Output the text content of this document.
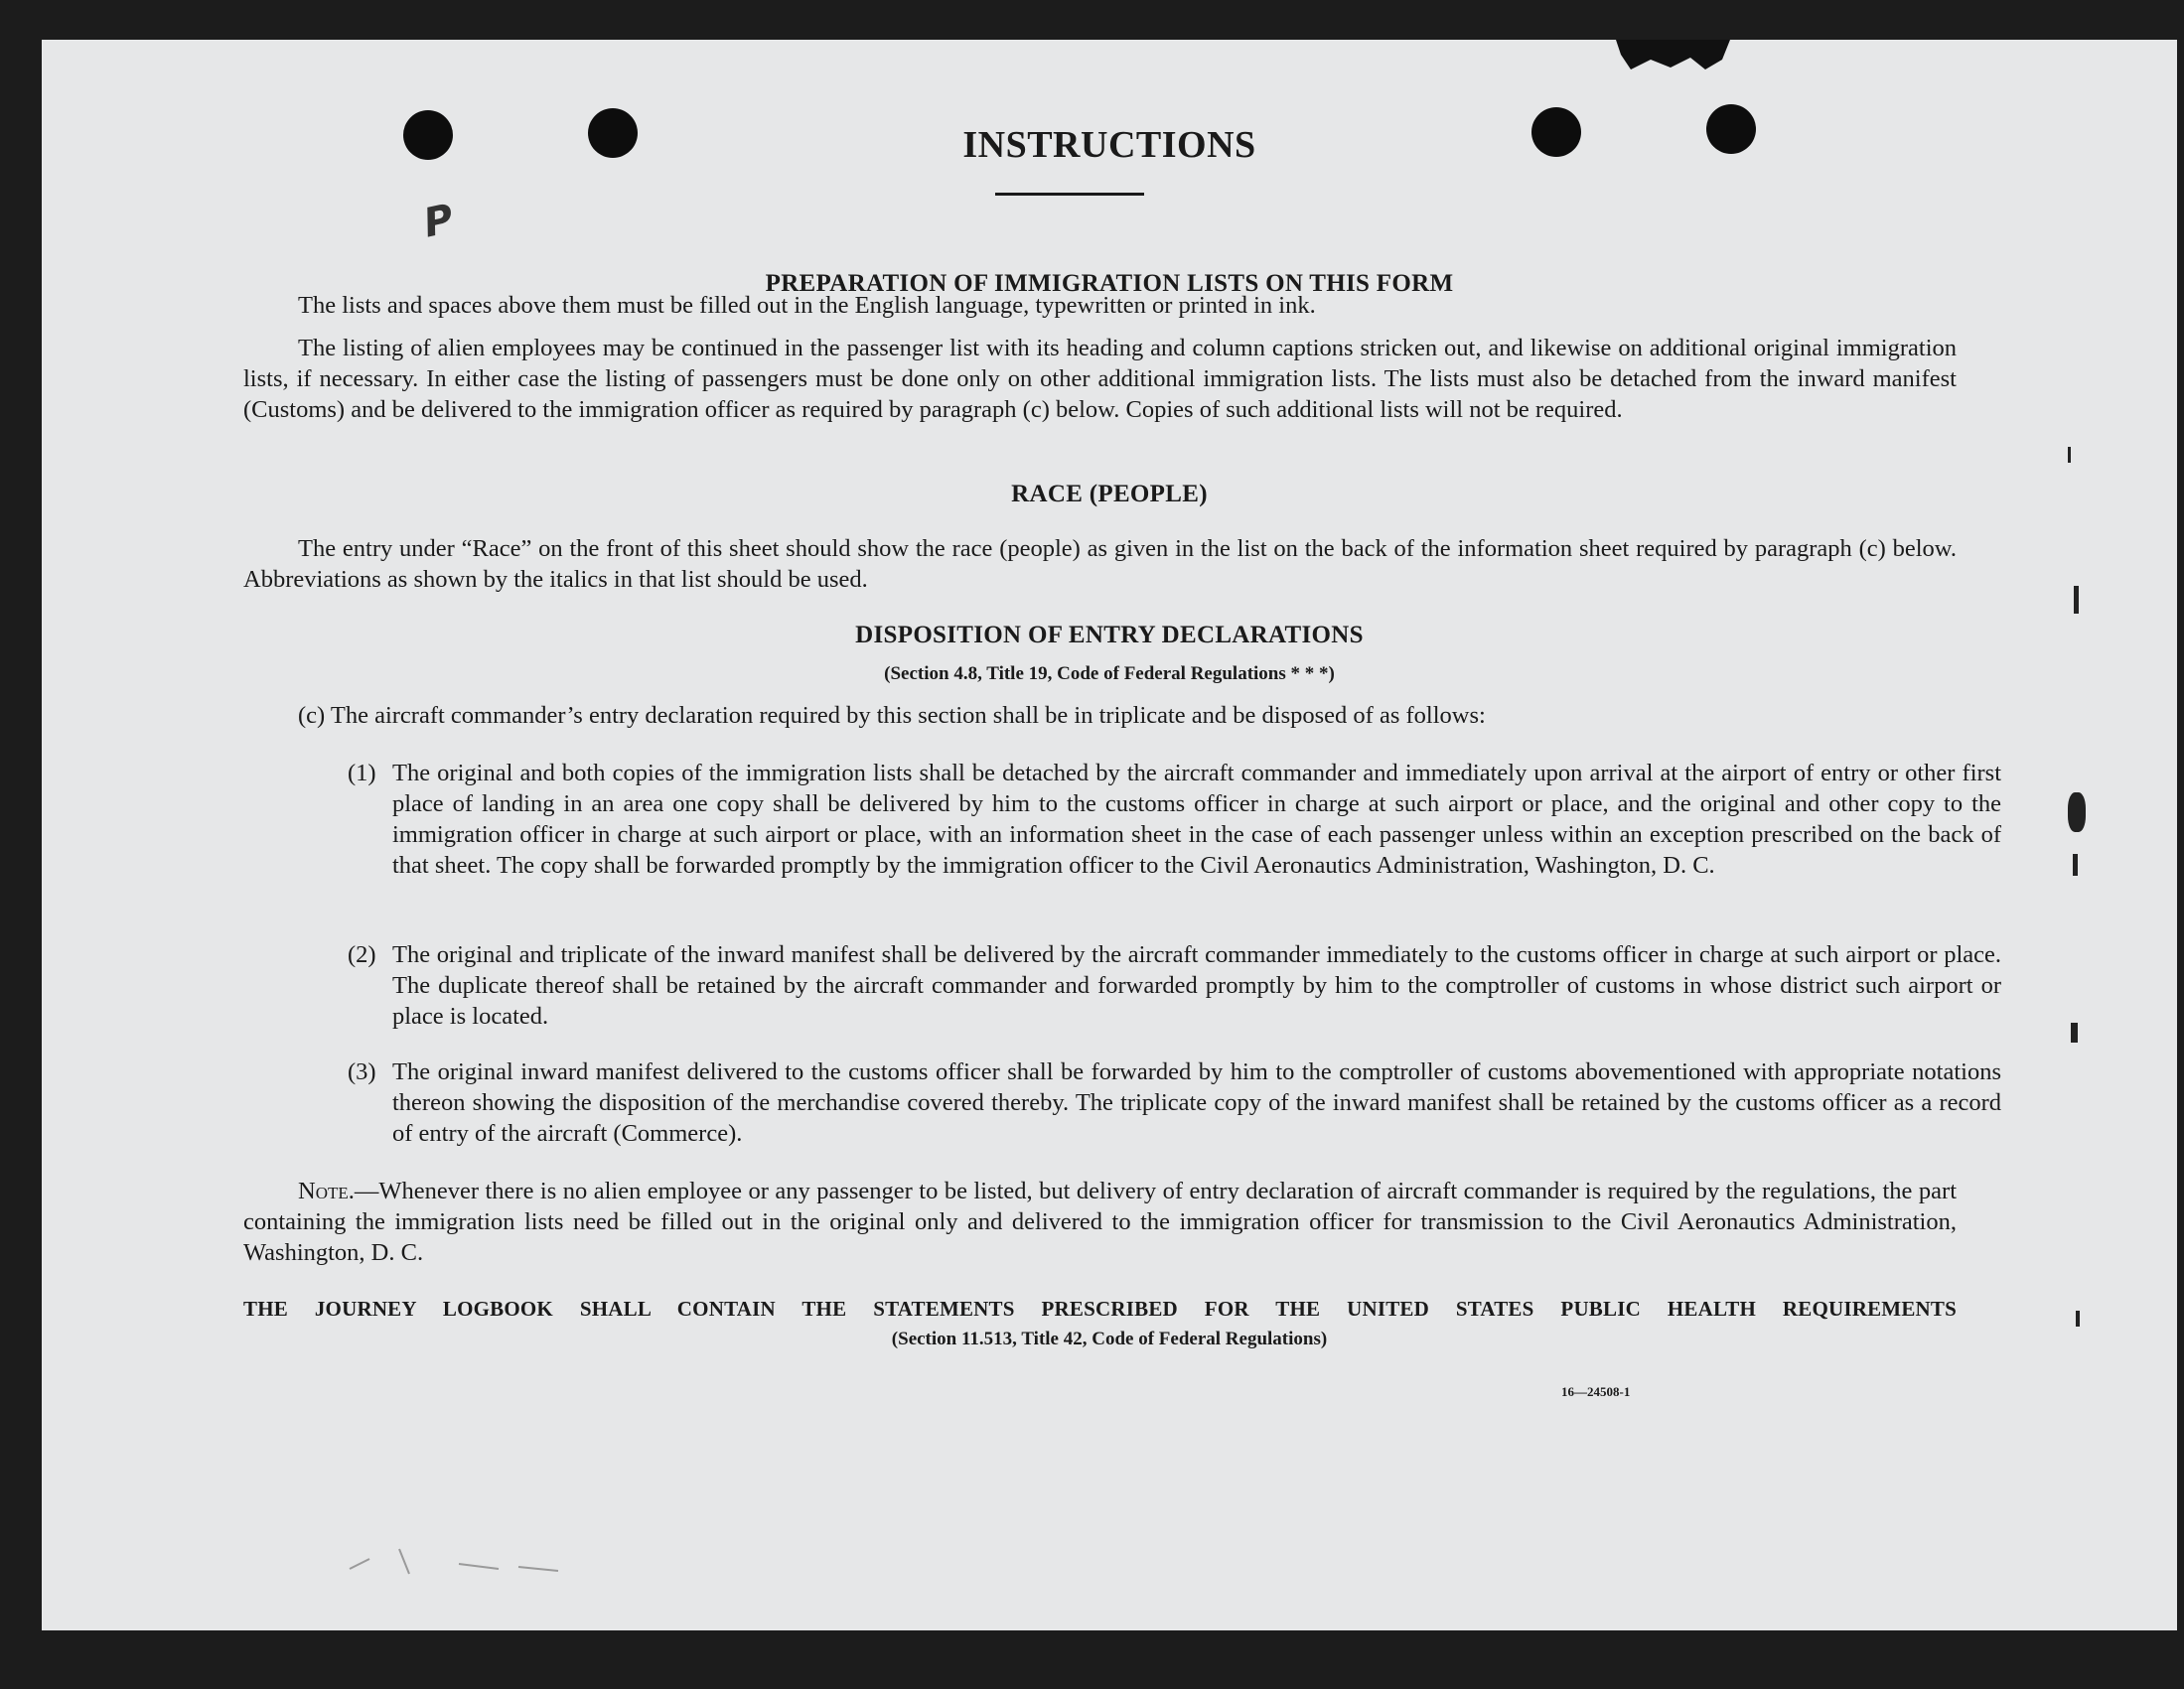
P
INSTRUCTIONS
PREPARATION OF IMMIGRATION LISTS ON THIS FORM

The lists and spaces above them must be filled out in the English language, typewritten or printed in ink.

The listing of alien employees may be continued in the passenger list with its heading and column captions stricken out, and likewise on additional original immigration lists, if necessary. In either case the listing of passengers must be done only on other additional immigration lists. The lists must also be detached from the inward manifest (Customs) and be delivered to the immigration officer as required by paragraph (c) below. Copies of such additional lists will not be required.

RACE (PEOPLE)

The entry under “Race” on the front of this sheet should show the race (people) as given in the list on the back of the information sheet required by paragraph (c) below. Abbreviations as shown by the italics in that list should be used.

DISPOSITION OF ENTRY DECLARATIONS
(Section 4.8, Title 19, Code of Federal Regulations * * *)

(c) The aircraft commander’s entry declaration required by this section shall be in triplicate and be disposed of as follows:

(1) The original and both copies of the immigration lists shall be detached by the aircraft commander and immediately upon arrival at the airport of entry or other first place of landing in an area one copy shall be delivered by him to the customs officer in charge at such airport or place, and the original and other copy to the immigration officer in charge at such airport or place, with an information sheet in the case of each passenger unless within an exception prescribed on the back of that sheet. The copy shall be forwarded promptly by the immigration officer to the Civil Aeronautics Administration, Washington, D. C.

(2) The original and triplicate of the inward manifest shall be delivered by the aircraft commander immediately to the customs officer in charge at such airport or place. The duplicate thereof shall be retained by the aircraft commander and forwarded promptly by him to the comptroller of customs in whose district such airport or place is located.

(3) The original inward manifest delivered to the customs officer shall be forwarded by him to the comptroller of customs abovementioned with appropriate notations thereon showing the disposition of the merchandise covered thereby. The triplicate copy of the inward manifest shall be retained by the customs officer as a record of entry of the aircraft (Commerce).

Note.—Whenever there is no alien employee or any passenger to be listed, but delivery of entry declaration of aircraft commander is required by the regulations, the part containing the immigration lists need be filled out in the original only and delivered to the immigration officer for transmission to the Civil Aeronautics Administration, Washington, D. C.

THE JOURNEY LOGBOOK SHALL CONTAIN THE STATEMENTS PRESCRIBED FOR THE UNITED STATES PUBLIC HEALTH REQUIREMENTS
(Section 11.513, Title 42, Code of Federal Regulations)
16—24508-1
